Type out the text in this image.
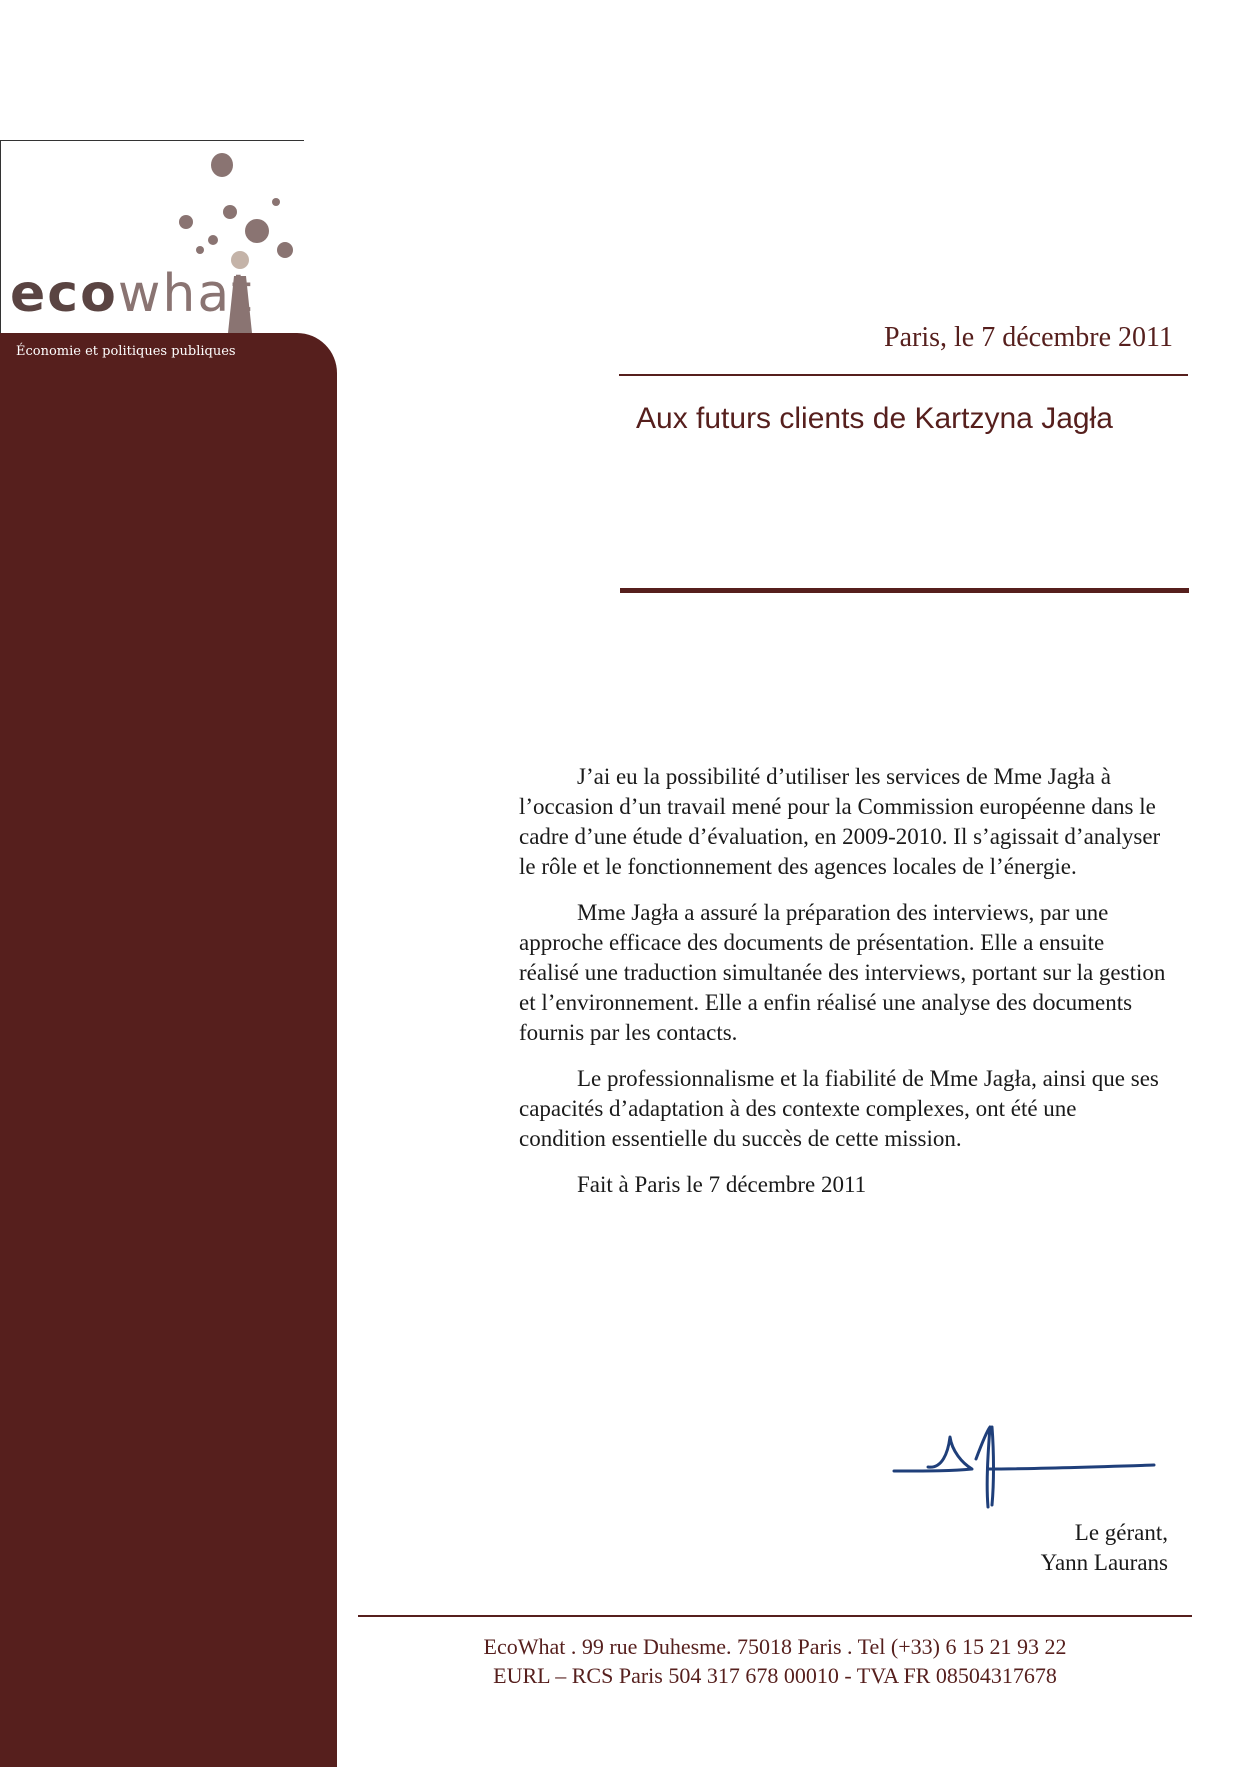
ecowhat
Économie et politiques publiques	Paris, le 7 décembre 2011
Aux futurs clients de Kartzyna Jagła

J’ai eu la possibilité d’utiliser les services de Mme Jagła à l’occasion d’un travail mené pour la Commission européenne dans le cadre d’une étude d’évaluation, en 2009-2010. Il s’agissait d’analyser le rôle et le fonctionnement des agences locales de l’énergie.

Mme Jagła a assuré la préparation des interviews, par une approche efficace des documents de présentation. Elle a ensuite réalisé une traduction simultanée des interviews, portant sur la gestion et l’environnement. Elle a enfin réalisé une analyse des documents fournis par les contacts.

Le professionnalisme et la fiabilité de Mme Jagła, ainsi que ses capacités d’adaptation à des contexte complexes, ont été une condition essentielle du succès de cette mission.

Fait à Paris le 7 décembre 2011

Le gérant,
Yann Laurans
EcoWhat . 99 rue Duhesme. 75018 Paris . Tel (+33) 6 15 21 93 22
EURL – RCS Paris 504 317 678 00010 - TVA FR 08504317678
